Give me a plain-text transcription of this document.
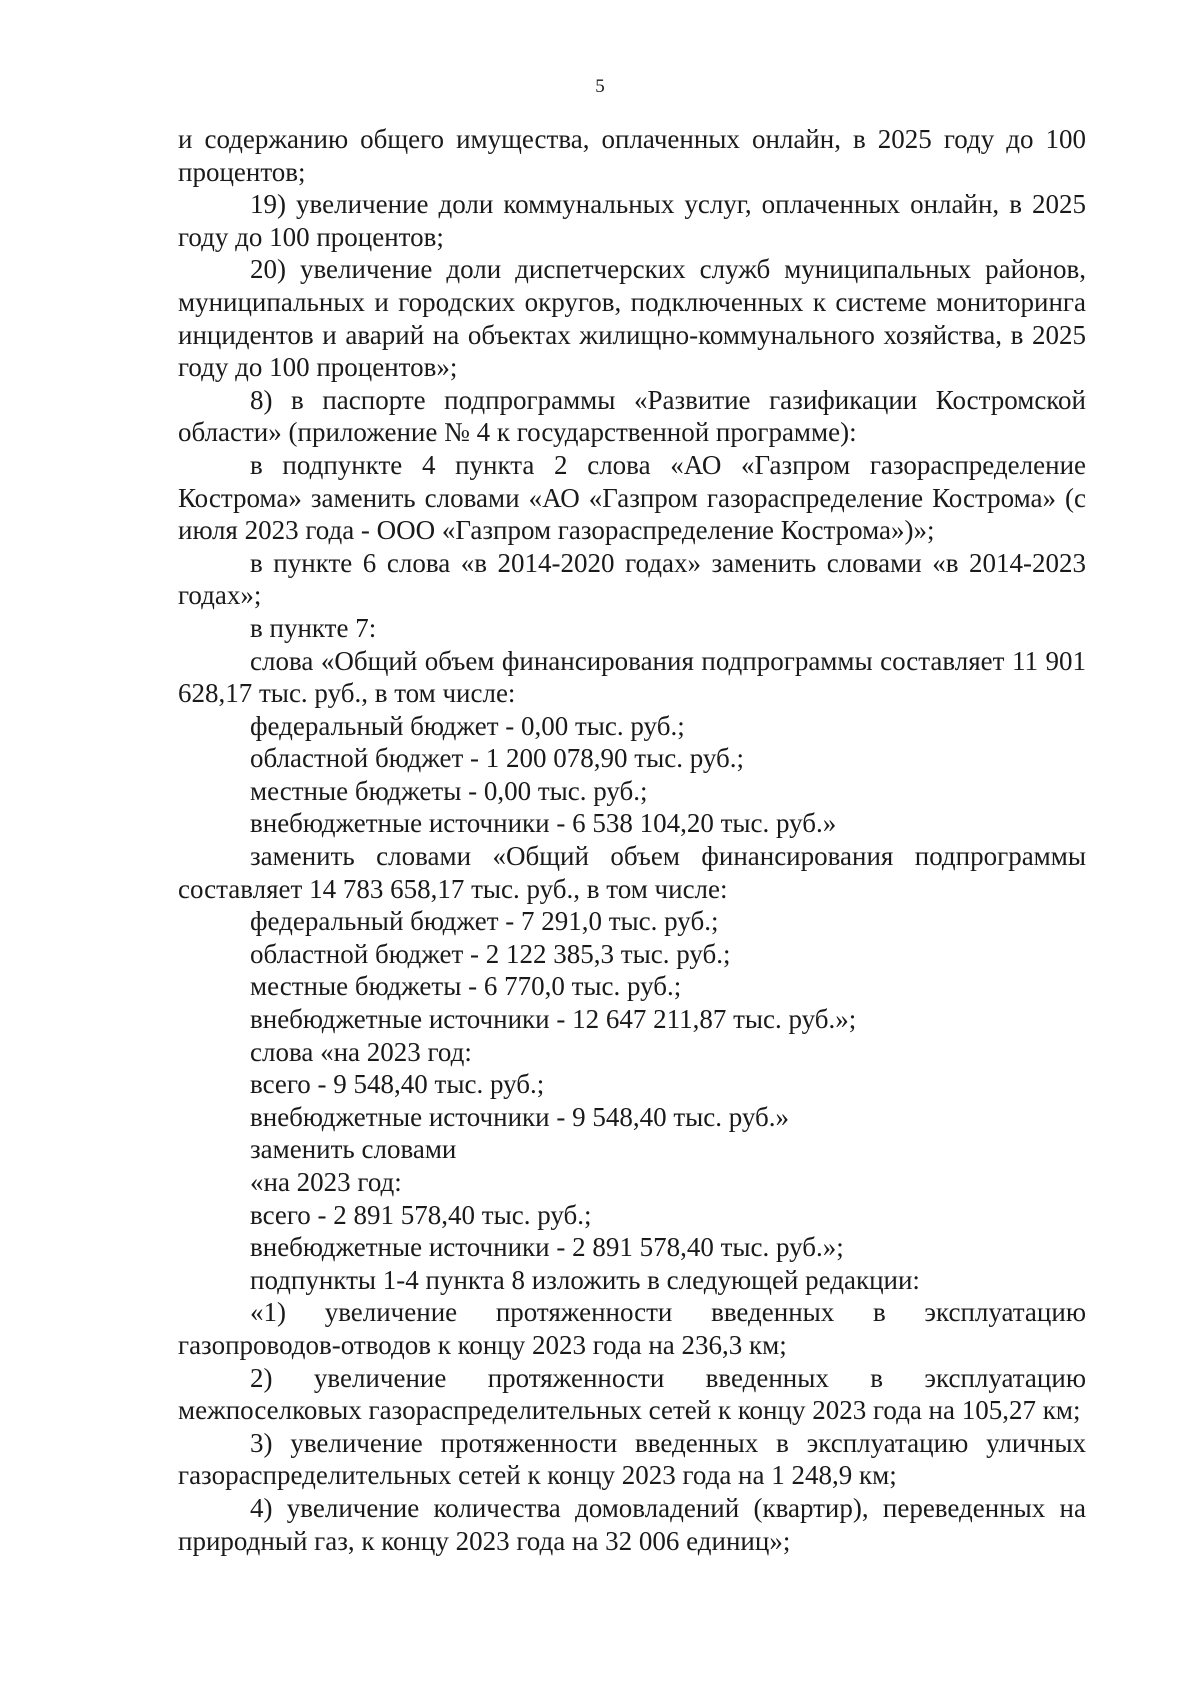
5

и содержанию общего имущества, оплаченных онлайн, в 2025 году до 100 процентов;

19) увеличение доли коммунальных услуг, оплаченных онлайн, в 2025 году до 100 процентов;

20) увеличение доли диспетчерских служб муниципальных районов, муниципальных и городских округов, подключенных к системе мониторинга инцидентов и аварий на объектах жилищно-коммунального хозяйства, в 2025 году до 100 процентов»;

8) в паспорте подпрограммы «Развитие газификации Костромской области» (приложение № 4 к государственной программе):

в подпункте 4 пункта 2 слова «АО «Газпром газораспределение Кострома» заменить словами «АО «Газпром газораспределение Кострома» (с июля 2023 года - ООО «Газпром газораспределение Кострома»)»;

в пункте 6 слова «в 2014-2020 годах» заменить словами «в 2014-2023 годах»;

в пункте 7:

слова «Общий объем финансирования подпрограммы составляет 11 901 628,17 тыс. руб., в том числе:

федеральный бюджет - 0,00 тыс. руб.;

областной бюджет - 1 200 078,90 тыс. руб.;

местные бюджеты - 0,00 тыс. руб.;

внебюджетные источники - 6 538 104,20 тыс. руб.»

заменить словами «Общий объем финансирования подпрограммы составляет 14 783 658,17 тыс. руб., в том числе:

федеральный бюджет - 7 291,0 тыс. руб.;

областной бюджет - 2 122 385,3 тыс. руб.;

местные бюджеты - 6 770,0 тыс. руб.;

внебюджетные источники - 12 647 211,87 тыс. руб.»;

слова «на 2023 год:

всего - 9 548,40 тыс. руб.;

внебюджетные источники - 9 548,40 тыс. руб.»

заменить словами

«на 2023 год:

всего - 2 891 578,40 тыс. руб.;

внебюджетные источники - 2 891 578,40 тыс. руб.»;

подпункты 1-4 пункта 8 изложить в следующей редакции:

«1) увеличение протяженности введенных в эксплуатацию газопроводов-отводов к концу 2023 года на 236,3 км;

2) увеличение протяженности введенных в эксплуатацию межпоселковых газораспределительных сетей к концу 2023 года на 105,27 км;

3) увеличение протяженности введенных в эксплуатацию уличных газораспределительных сетей к концу 2023 года на 1 248,9 км;

4) увеличение количества домовладений (квартир), переведенных на природный газ, к концу 2023 года на 32 006 единиц»;
